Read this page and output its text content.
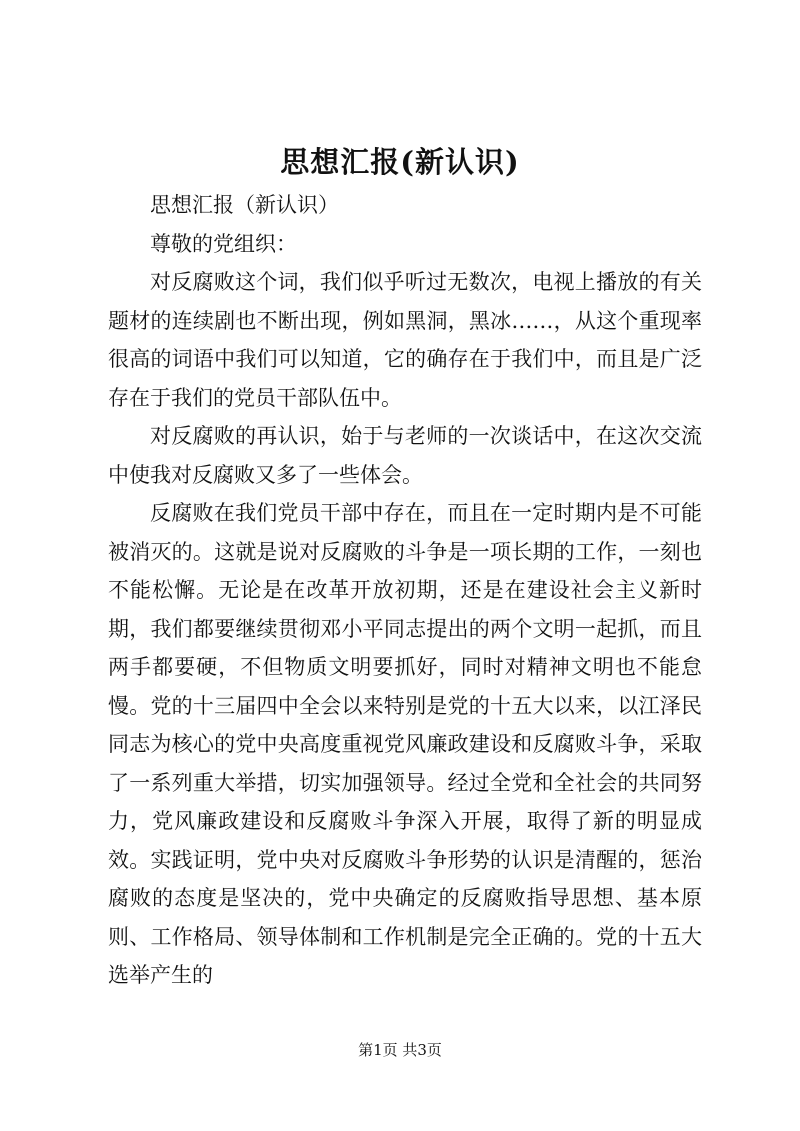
思想汇报(新认识)

思想汇报（新认识）

尊敬的党组织：

对反腐败这个词，我们似乎听过无数次，电视上播放的有关题材的连续剧也不断出现，例如黑洞，黑冰……，从这个重现率很高的词语中我们可以知道，它的确存在于我们中，而且是广泛存在于我们的党员干部队伍中。

对反腐败的再认识，始于与老师的一次谈话中，在这次交流中使我对反腐败又多了一些体会。

反腐败在我们党员干部中存在，而且在一定时期内是不可能被消灭的。这就是说对反腐败的斗争是一项长期的工作，一刻也不能松懈。无论是在改革开放初期，还是在建设社会主义新时期，我们都要继续贯彻邓小平同志提出的两个文明一起抓，而且两手都要硬，不但物质文明要抓好，同时对精神文明也不能怠慢。党的十三届四中全会以来特别是党的十五大以来，以江泽民同志为核心的党中央高度重视党风廉政建设和反腐败斗争，采取了一系列重大举措，切实加强领导。经过全党和全社会的共同努力，党风廉政建设和反腐败斗争深入开展，取得了新的明显成效。实践证明，党中央对反腐败斗争形势的认识是清醒的，惩治腐败的态度是坚决的，党中央确定的反腐败指导思想、基本原则、工作格局、领导体制和工作机制是完全正确的。党的十五大选举产生的

第1页 共3页
